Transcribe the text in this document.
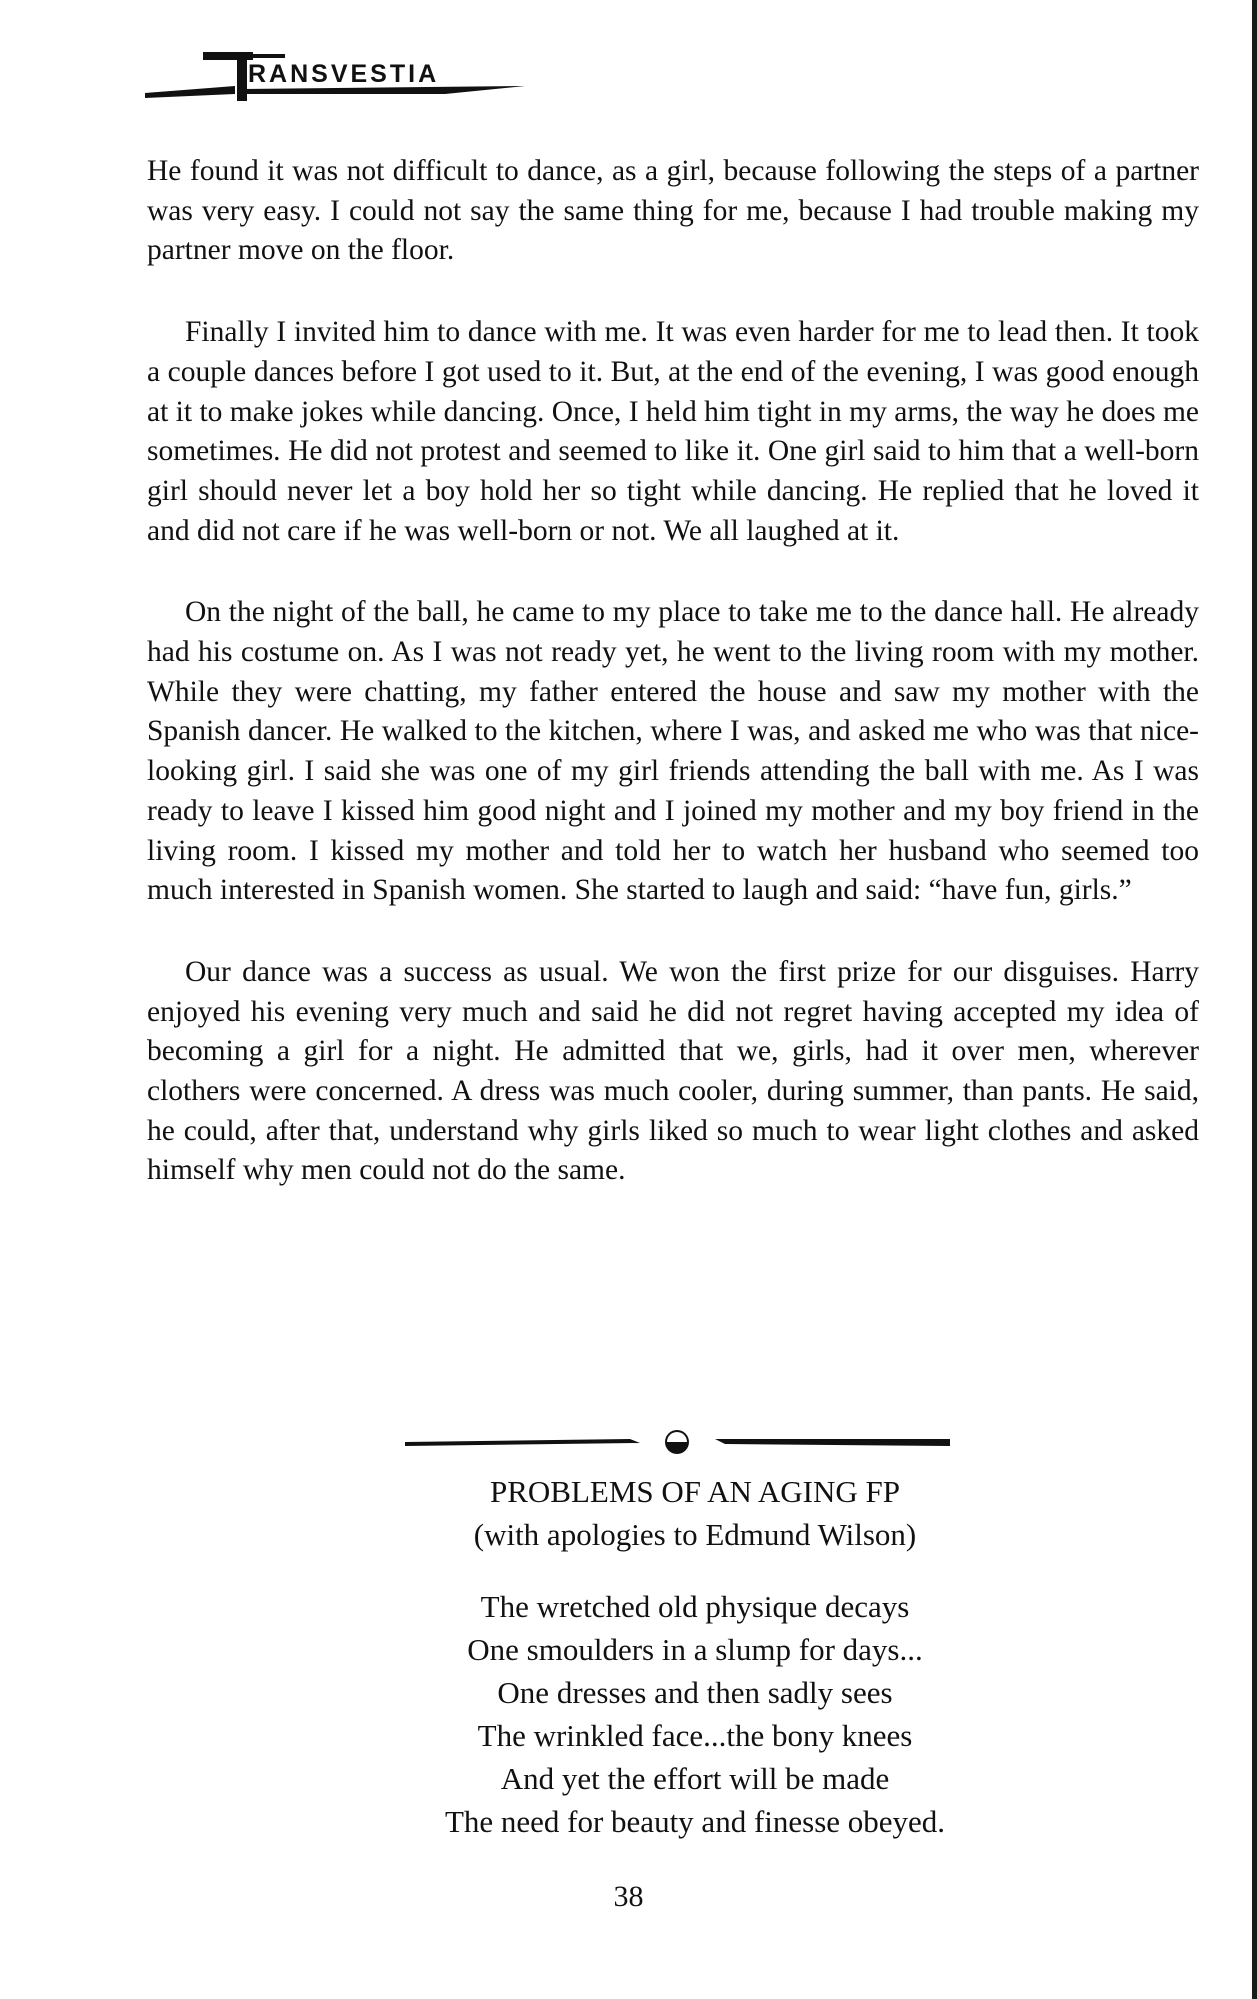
RANSVESTIA

He found it was not difficult to dance, as a girl, because following the steps of a partner was very easy. I could not say the same thing for me, because I had trouble making my partner move on the floor.

Finally I invited him to dance with me. It was even harder for me to lead then. It took a couple dances before I got used to it. But, at the end of the evening, I was good enough at it to make jokes while dancing. Once, I held him tight in my arms, the way he does me sometimes. He did not protest and seemed to like it. One girl said to him that a well-born girl should never let a boy hold her so tight while dancing. He replied that he loved it and did not care if he was well-born or not. We all laughed at it.

On the night of the ball, he came to my place to take me to the dance hall. He already had his costume on. As I was not ready yet, he went to the living room with my mother. While they were chatting, my father entered the house and saw my mother with the Spanish dancer. He walked to the kitchen, where I was, and asked me who was that nice-looking girl. I said she was one of my girl friends attending the ball with me. As I was ready to leave I kissed him good night and I joined my mother and my boy friend in the living room. I kissed my mother and told her to watch her husband who seemed too much interested in Spanish women. She started to laugh and said: “have fun, girls.”

Our dance was a success as usual. We won the first prize for our disguises. Harry enjoyed his evening very much and said he did not regret having accepted my idea of becoming a girl for a night. He admitted that we, girls, had it over men, wherever clothers were concerned. A dress was much cooler, during summer, than pants. He said, he could, after that, understand why girls liked so much to wear light clothes and asked himself why men could not do the same.

PROBLEMS OF AN AGING FP
(with apologies to Edmund Wilson)
The wretched old physique decays
One smoulders in a slump for days...
One dresses and then sadly sees
The wrinkled face...the bony knees
And yet the effort will be made
The need for beauty and finesse obeyed.
38
